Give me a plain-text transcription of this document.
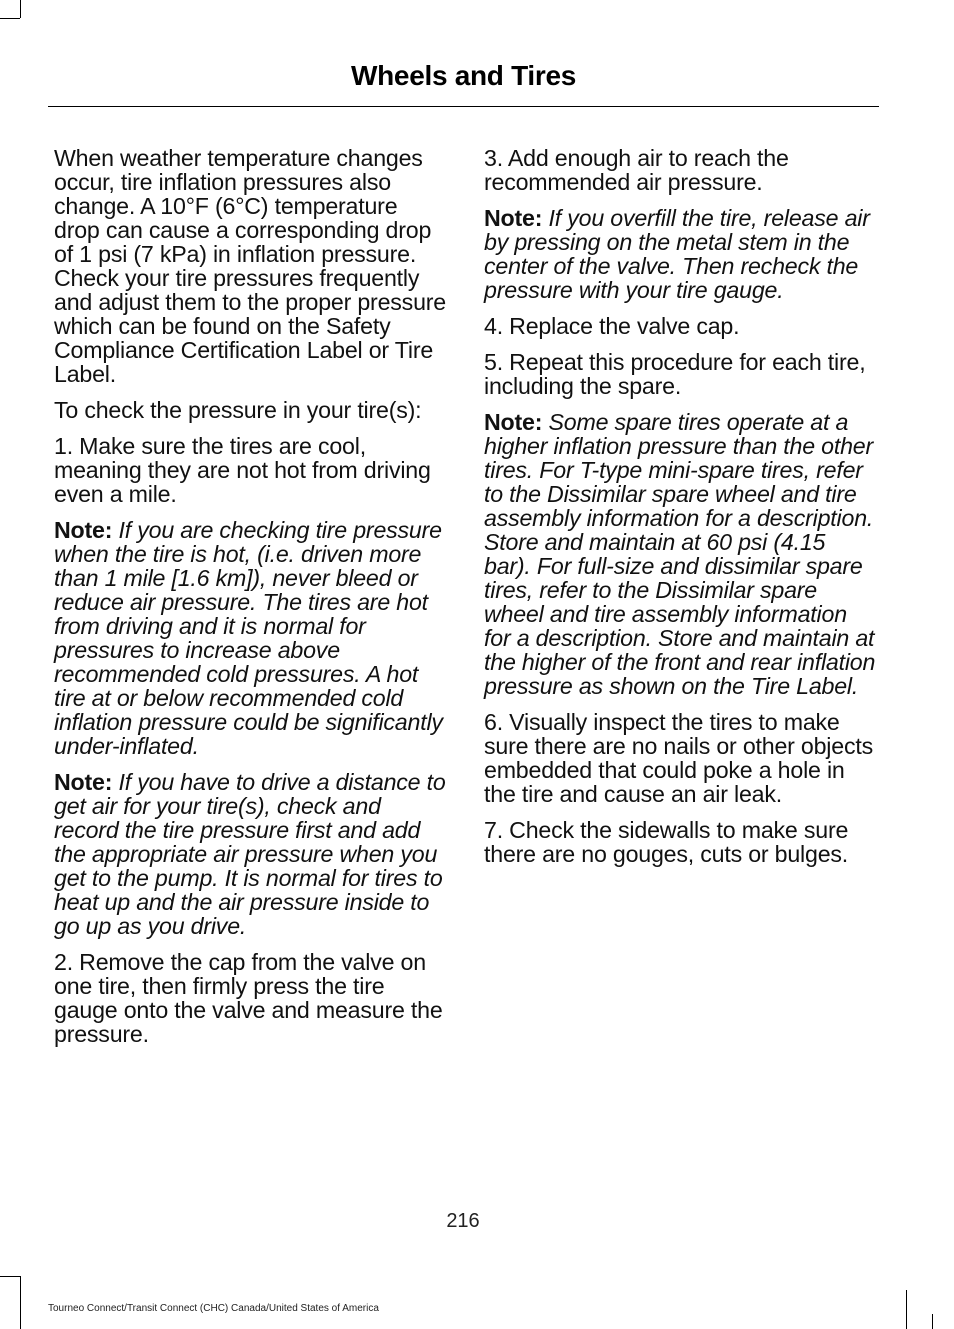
Wheels and Tires

When weather temperature changes occur, tire inflation pressures also change. A 10°F (6°C) temperature drop can cause a corresponding drop of 1 psi (7 kPa) in inflation pressure. Check your tire pressures frequently and adjust them to the proper pressure which can be found on the Safety Compliance Certification Label or Tire Label.

To check the pressure in your tire(s):

1. Make sure the tires are cool, meaning they are not hot from driving even a mile.

Note: If you are checking tire pressure when the tire is hot, (i.e. driven more than 1 mile [1.6 km]), never bleed or reduce air pressure. The tires are hot from driving and it is normal for pressures to increase above recommended cold pressures. A hot tire at or below recommended cold inflation pressure could be significantly under-inflated.

Note: If you have to drive a distance to get air for your tire(s), check and record the tire pressure first and add the appropriate air pressure when you get to the pump. It is normal for tires to heat up and the air pressure inside to go up as you drive.

2. Remove the cap from the valve on one tire, then firmly press the tire gauge onto the valve and measure the pressure.

3. Add enough air to reach the recommended air pressure.

Note: If you overfill the tire, release air by pressing on the metal stem in the center of the valve. Then recheck the pressure with your tire gauge.

4. Replace the valve cap.

5. Repeat this procedure for each tire, including the spare.

Note: Some spare tires operate at a higher inflation pressure than the other tires. For T-type mini-spare tires, refer to the Dissimilar spare wheel and tire assembly information for a description. Store and maintain at 60 psi (4.15 bar). For full-size and dissimilar spare tires, refer to the Dissimilar spare wheel and tire assembly information for a description. Store and maintain at the higher of the front and rear inflation pressure as shown on the Tire Label.

6. Visually inspect the tires to make sure there are no nails or other objects embedded that could poke a hole in the tire and cause an air leak.

7. Check the sidewalls to make sure there are no gouges, cuts or bulges.

216
Tourneo Connect/Transit Connect (CHC) Canada/United States of America
